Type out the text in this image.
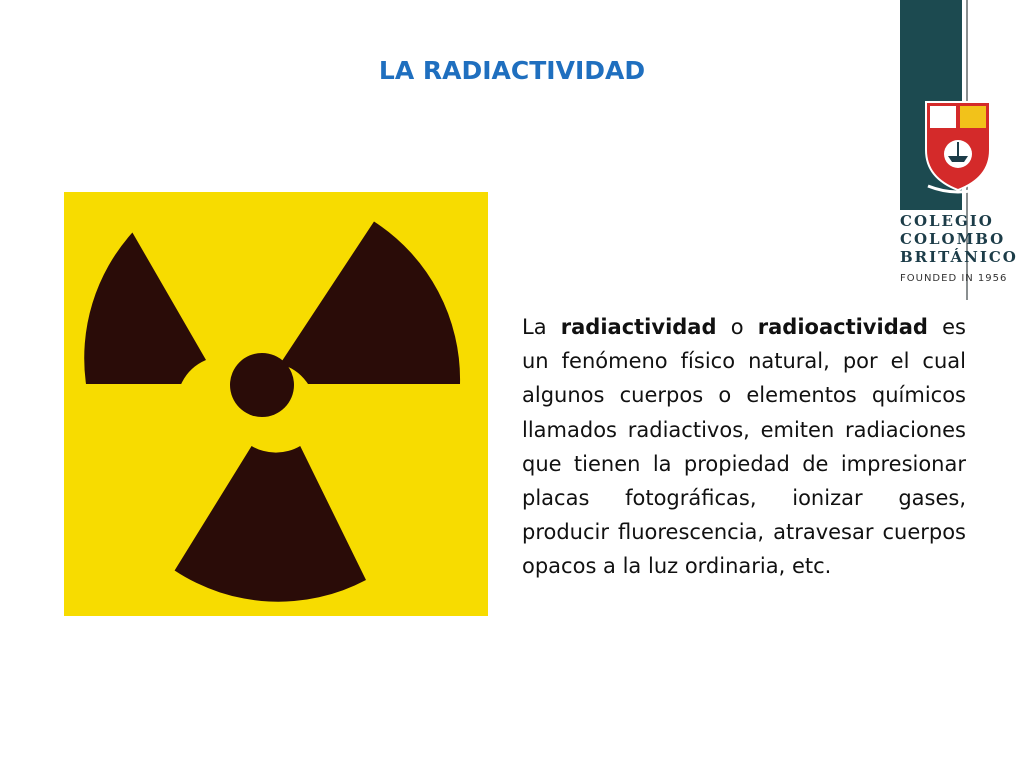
LA RADIACTIVIDAD
La radiactividad o radioactividad es un fenómeno físico natural, por el cual algunos cuerpos o elementos químicos llamados radiactivos, emiten radiaciones que tienen la propiedad de impresionar placas fotográficas, ionizar gases, producir fluorescencia, atravesar cuerpos opacos a la luz ordinaria, etc.
COLEGIO
COLOMBO
BRITÁNICO
FOUNDED IN 1956
